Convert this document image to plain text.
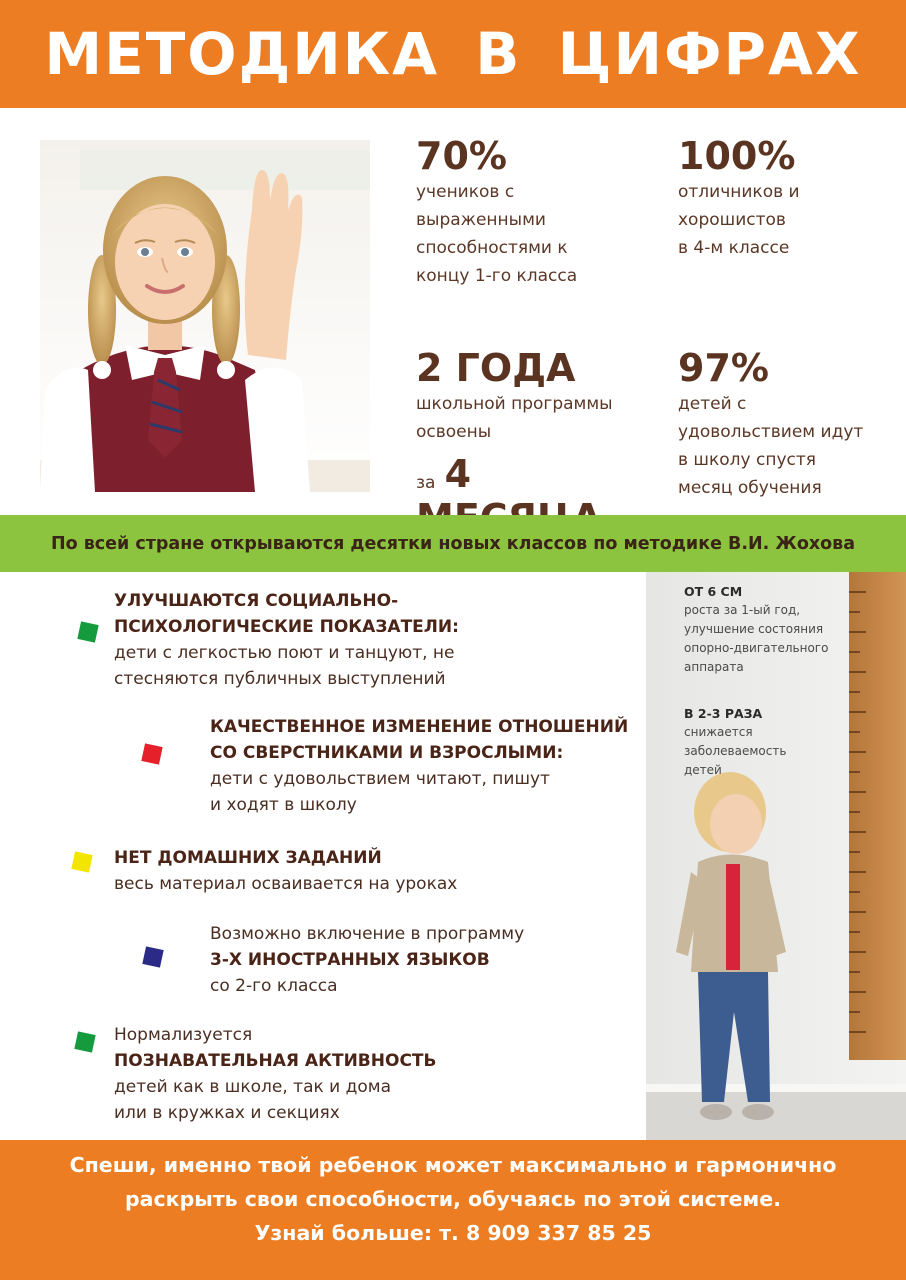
МЕТОДИКА В ЦИФРАХ
70%
учеников с
выраженными
способностями к
концу 1-го класса
100%
отличников и
хорошистов
в 4-м классе
2 ГОДА
школьной программы
освоены
за 4
97%
детей с
удовольствием идут
в школу спустя
месяц обучения
По всей стране открываются десятки новых классов по методике В.И. Жохова
УЛУЧШАЮТСЯ СОЦИАЛЬНО-
ПСИХОЛОГИЧЕСКИЕ ПОКАЗАТЕЛИ:
дети с легкостью поют и танцуют, не
стесняются публичных выступлений
КАЧЕСТВЕННОЕ ИЗМЕНЕНИЕ ОТНОШЕНИЙ
СО СВЕРСТНИКАМИ И ВЗРОСЛЫМИ:
дети с удовольствием читают, пишут
и ходят в школу
НЕТ ДОМАШНИХ ЗАДАНИЙ
весь материал осваивается на уроках
Возможно включение в программу
3-Х ИНОСТРАННЫХ ЯЗЫКОВ
со 2-го класса
Нормализуется
ПОЗНАВАТЕЛЬНАЯ АКТИВНОСТЬ
детей как в школе, так и дома
или в кружках и секциях
ОТ 6 СМ
роста за 1-ый год,
улучшение состояния
опорно-двигательного
аппарата
В 2-3 РАЗА
снижается
заболеваемость
детей
Спеши, именно твой ребенок может максимально и гармонично
раскрыть свои способности, обучаясь по этой системе.
Узнай больше: т. 8 909 337 85 25
